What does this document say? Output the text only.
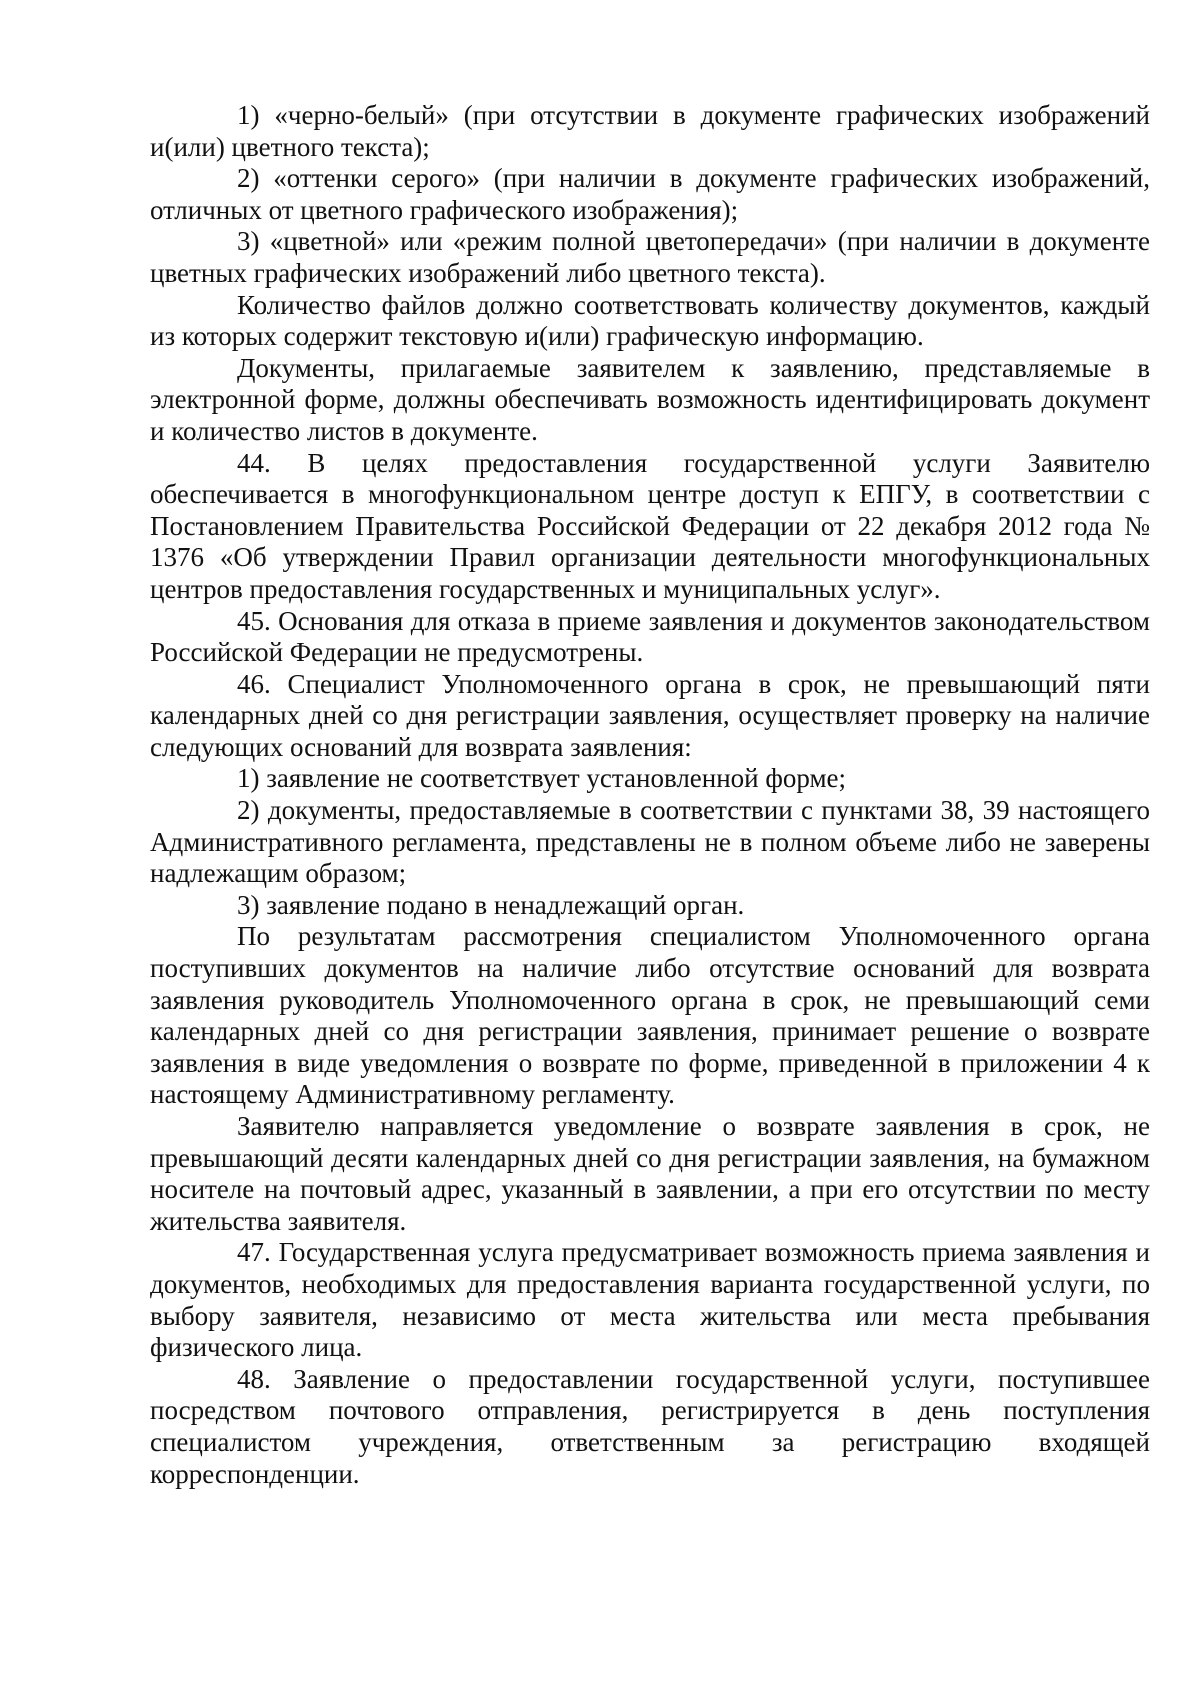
1) «черно-белый» (при отсутствии в документе графических изображений и(или) цветного текста);

2) «оттенки серого» (при наличии в документе графических изображений, отличных от цветного графического изображения);

3) «цветной» или «режим полной цветопередачи» (при наличии в документе цветных графических изображений либо цветного текста).

Количество файлов должно соответствовать количеству документов, каждый из которых содержит текстовую и(или) графическую информацию.

Документы, прилагаемые заявителем к заявлению, представляемые в электронной форме, должны обеспечивать возможность идентифицировать документ и количество листов в документе.

44. В целях предоставления государственной услуги Заявителю обеспечивается в многофункциональном центре доступ к ЕПГУ, в соответствии с Постановлением Правительства Российской Федерации от 22 декабря 2012 года № 1376 «Об утверждении Правил организации деятельности многофункциональных центров предоставления государственных и муниципальных услуг».

45. Основания для отказа в приеме заявления и документов законодательством Российской Федерации не предусмотрены.

46. Специалист Уполномоченного органа в срок, не превышающий пяти календарных дней со дня регистрации заявления, осуществляет проверку на наличие следующих оснований для возврата заявления:

1) заявление не соответствует установленной форме;

2) документы, предоставляемые в соответствии с пунктами 38, 39 настоящего Административного регламента, представлены не в полном объеме либо не заверены надлежащим образом;

3) заявление подано в ненадлежащий орган.

По результатам рассмотрения специалистом Уполномоченного органа поступивших документов на наличие либо отсутствие оснований для возврата заявления руководитель Уполномоченного органа в срок, не превышающий семи календарных дней со дня регистрации заявления, принимает решение о возврате заявления в виде уведомления о возврате по форме, приведенной в приложении 4 к настоящему Административному регламенту.

Заявителю направляется уведомление о возврате заявления в срок, не превышающий десяти календарных дней со дня регистрации заявления, на бумажном носителе на почтовый адрес, указанный в заявлении, а при его отсутствии по месту жительства заявителя.

47. Государственная услуга предусматривает возможность приема заявления и документов, необходимых для предоставления варианта государственной услуги, по выбору заявителя, независимо от места жительства или места пребывания физического лица.

48. Заявление о предоставлении государственной услуги, поступившее посредством почтового отправления, регистрируется в день поступления специалистом учреждения, ответственным за регистрацию входящей корреспонденции.
